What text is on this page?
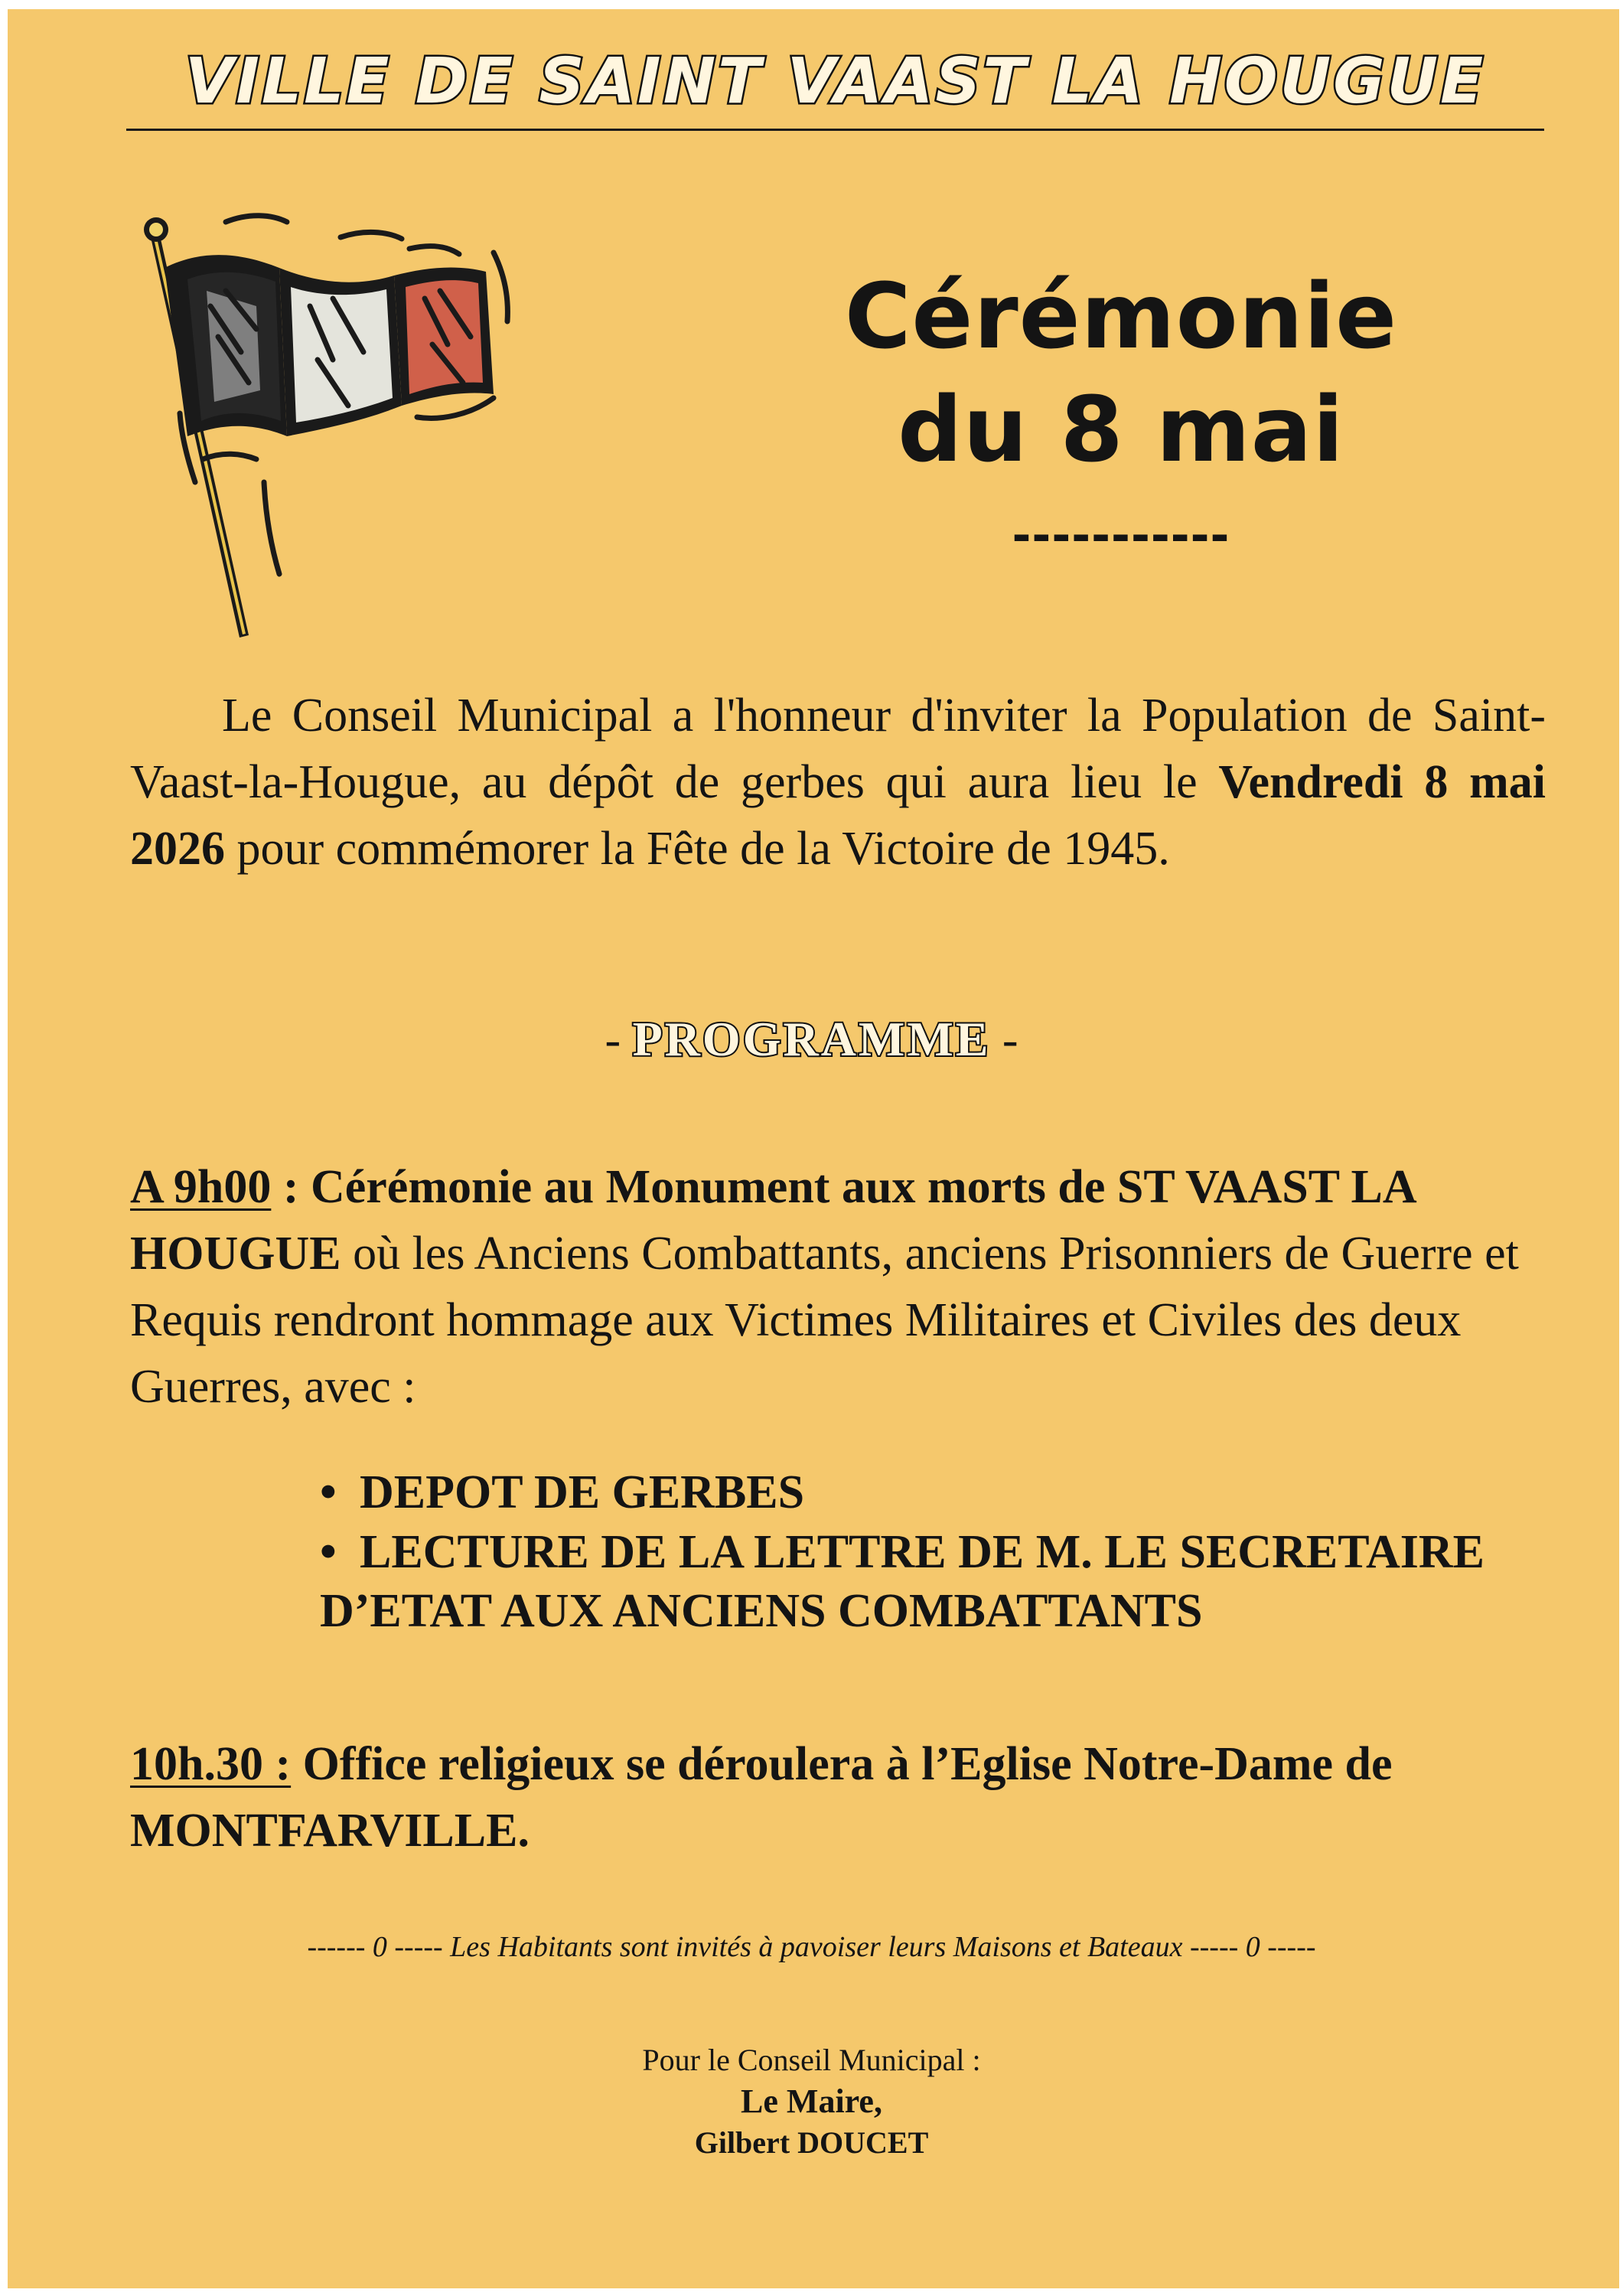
VILLE DE SAINT VAAST LA HOUGUE
Cérémonie
du 8 mai
-----------

Le Conseil Municipal a l'honneur d'inviter la Population de Saint-Vaast-la-Hougue, au dépôt de gerbes qui aura lieu le Vendredi 8 mai 2026 pour commémorer la Fête de la Victoire de 1945.

- PROGRAMME -

A 9h00 : Cérémonie au Monument aux morts de ST VAAST LA HOUGUE où les Anciens Combattants, anciens Prisonniers de Guerre et Requis rendront hommage aux Victimes Militaires et Civiles des deux Guerres, avec :

• DEPOT DE GERBES
• LECTURE DE LA LETTRE DE M. LE SECRETAIRE D’ETAT AUX ANCIENS COMBATTANTS

10h.30 : Office religieux se déroulera à l’Eglise Notre-Dame de MONTFARVILLE.

------ 0 ----- Les Habitants sont invités à pavoiser leurs Maisons et Bateaux ----- 0 -----
Pour le Conseil Municipal :
Le Maire,
Gilbert DOUCET
